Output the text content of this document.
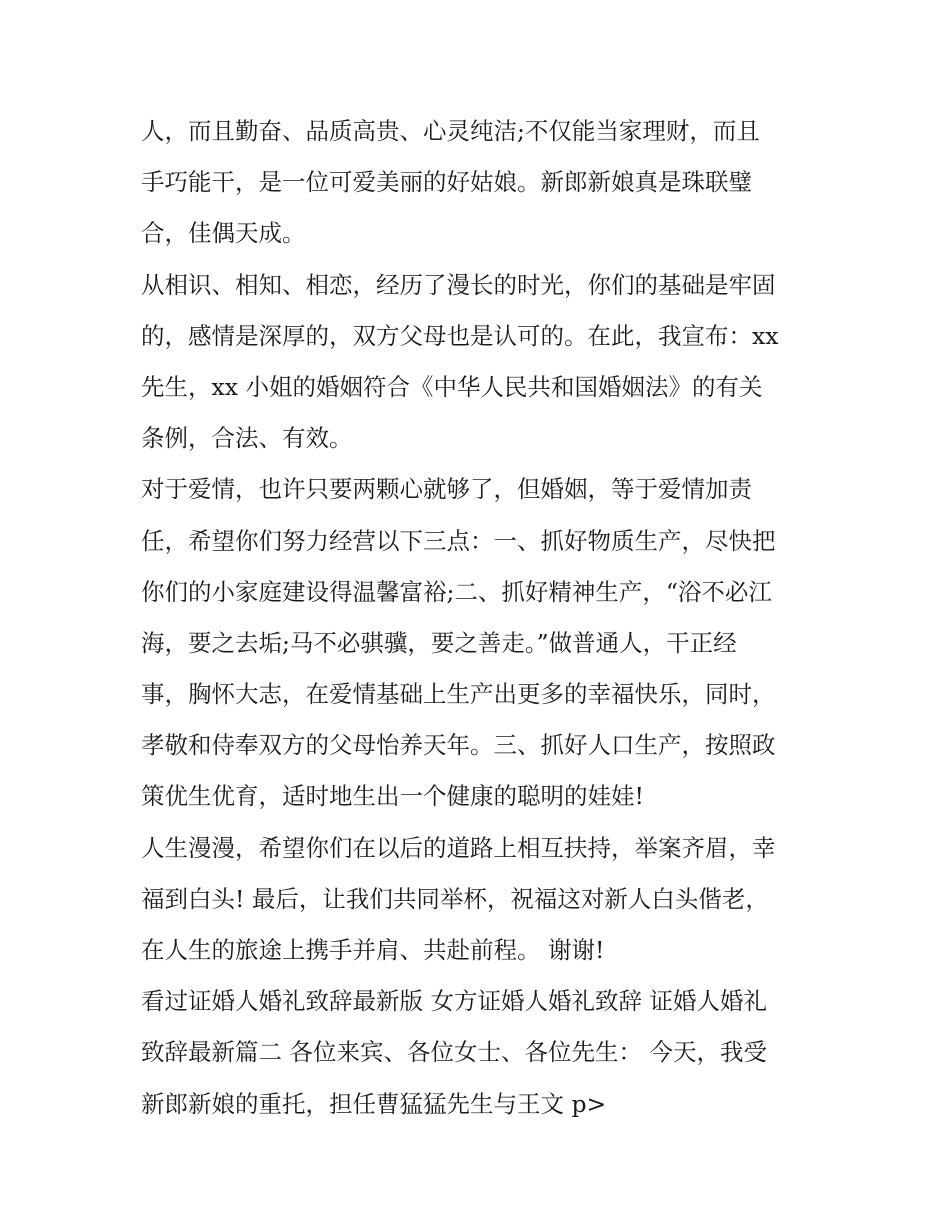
人，而且勤奋、品质高贵、心灵纯洁;不仅能当家理财，而且
手巧能干，是一位可爱美丽的好姑娘。新郎新娘真是珠联璧
合，佳偶天成。
从相识、相知、相恋，经历了漫长的时光，你们的基础是牢固
的，感情是深厚的，双方父母也是认可的。在此，我宣布：xx
先生，xx 小姐的婚姻符合《中华人民共和国婚姻法》的有关
条例，合法、有效。
对于爱情，也许只要两颗心就够了，但婚姻，等于爱情加责
任，希望你们努力经营以下三点：一、抓好物质生产，尽快把
你们的小家庭建设得温馨富裕;二、抓好精神生产，“浴不必江
海，要之去垢;马不必骐骥，要之善走。”做普通人，干正经
事，胸怀大志，在爱情基础上生产出更多的幸福快乐，同时，
孝敬和侍奉双方的父母怡养天年。三、抓好人口生产，按照政
策优生优育，适时地生出一个健康的聪明的娃娃!
人生漫漫，希望你们在以后的道路上相互扶持，举案齐眉，幸
福到白头! 最后，让我们共同举杯，祝福这对新人白头偕老，
在人生的旅途上携手并肩、共赴前程。 谢谢!
看过证婚人婚礼致辞最新版 女方证婚人婚礼致辞 证婚人婚礼
致辞最新篇二 各位来宾、各位女士、各位先生： 今天，我受
新郎新娘的重托，担任曹猛猛先生与王文 p>
